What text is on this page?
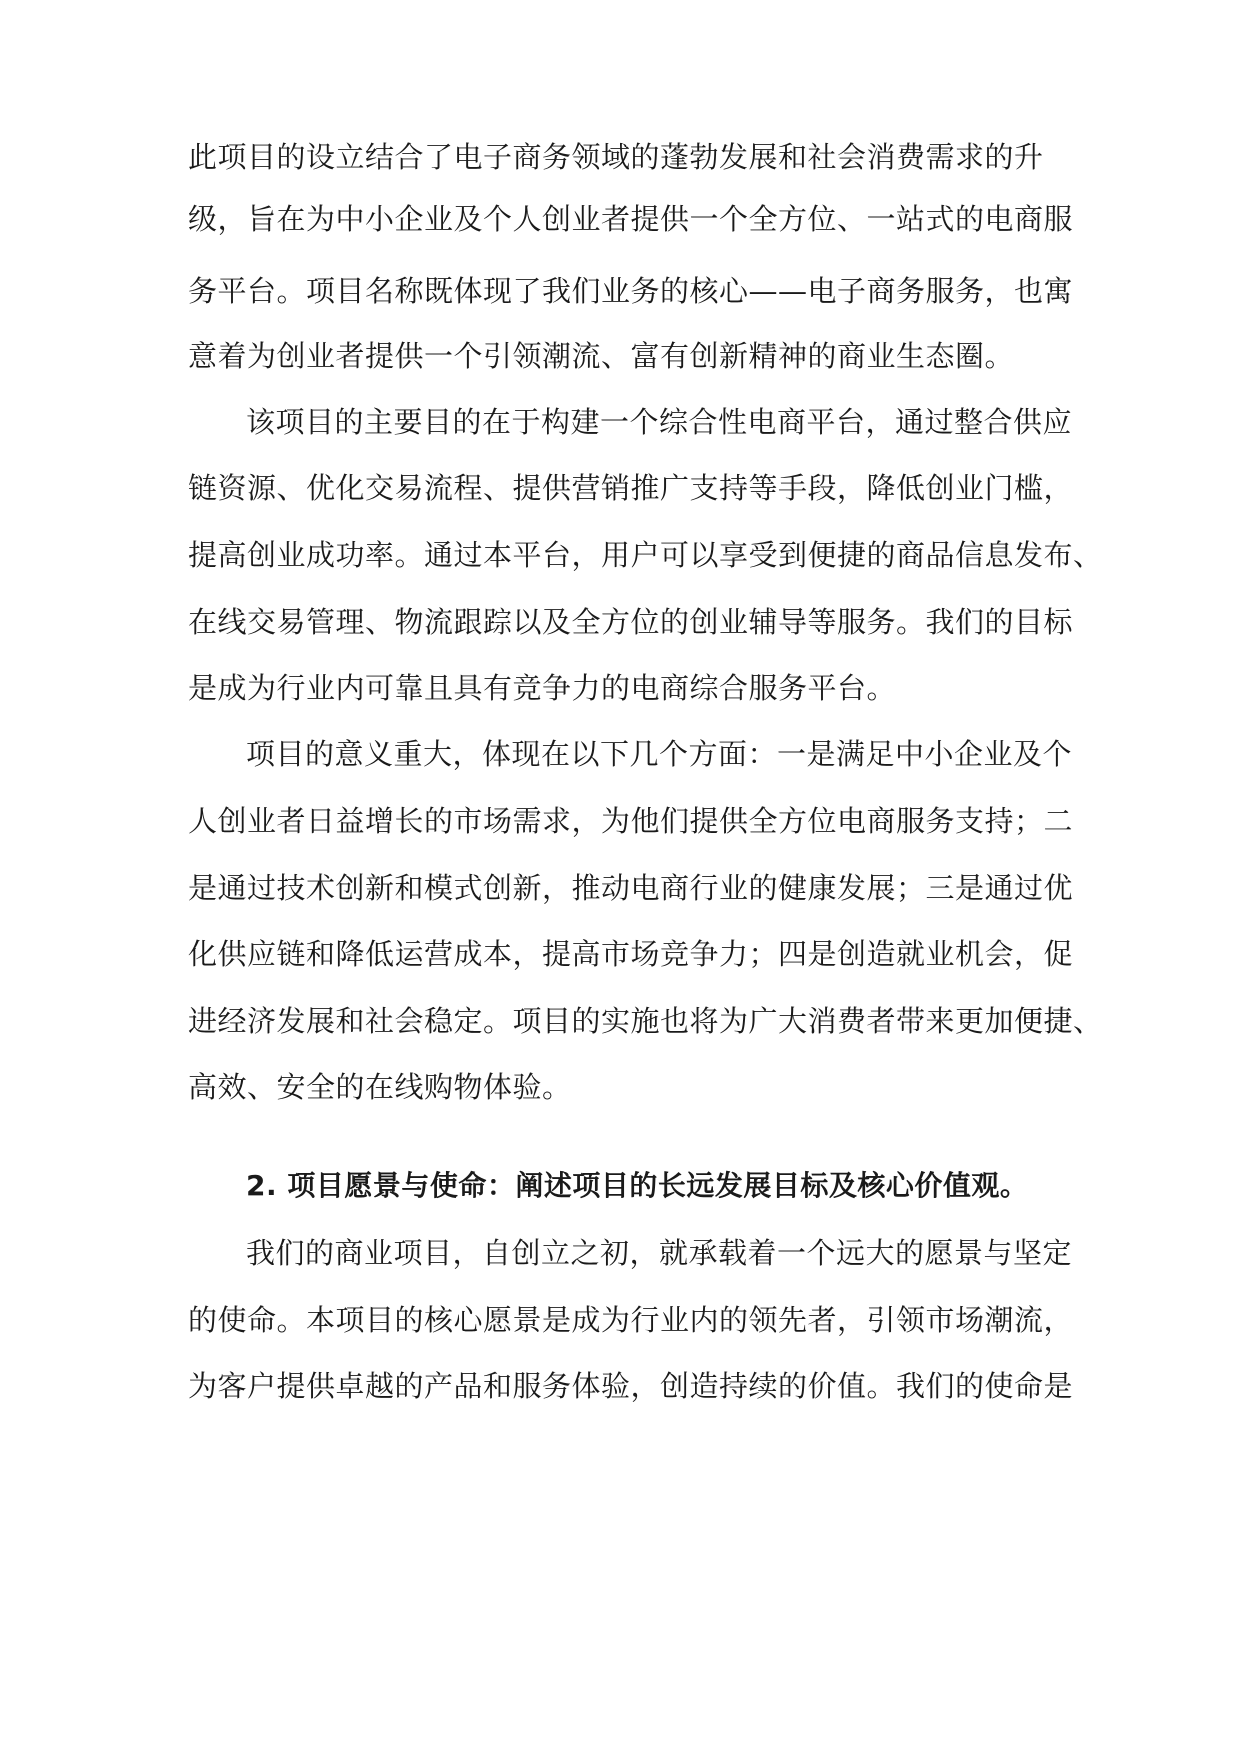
此项目的设立结合了电子商务领域的蓬勃发展和社会消费需求的升
级，旨在为中小企业及个人创业者提供一个全方位、一站式的电商服
务平台。项目名称既体现了我们业务的核心——电子商务服务，也寓
意着为创业者提供一个引领潮流、富有创新精神的商业生态圈。
该项目的主要目的在于构建一个综合性电商平台，通过整合供应
链资源、优化交易流程、提供营销推广支持等手段，降低创业门槛，
提高创业成功率。通过本平台，用户可以享受到便捷的商品信息发布、
在线交易管理、物流跟踪以及全方位的创业辅导等服务。我们的目标
是成为行业内可靠且具有竞争力的电商综合服务平台。
项目的意义重大，体现在以下几个方面：一是满足中小企业及个
人创业者日益增长的市场需求，为他们提供全方位电商服务支持；二
是通过技术创新和模式创新，推动电商行业的健康发展；三是通过优
化供应链和降低运营成本，提高市场竞争力；四是创造就业机会，促
进经济发展和社会稳定。项目的实施也将为广大消费者带来更加便捷、
高效、安全的在线购物体验。
2. 项目愿景与使命：阐述项目的长远发展目标及核心价值观。
我们的商业项目，自创立之初，就承载着一个远大的愿景与坚定
的使命。本项目的核心愿景是成为行业内的领先者，引领市场潮流，
为客户提供卓越的产品和服务体验，创造持续的价值。我们的使命是
